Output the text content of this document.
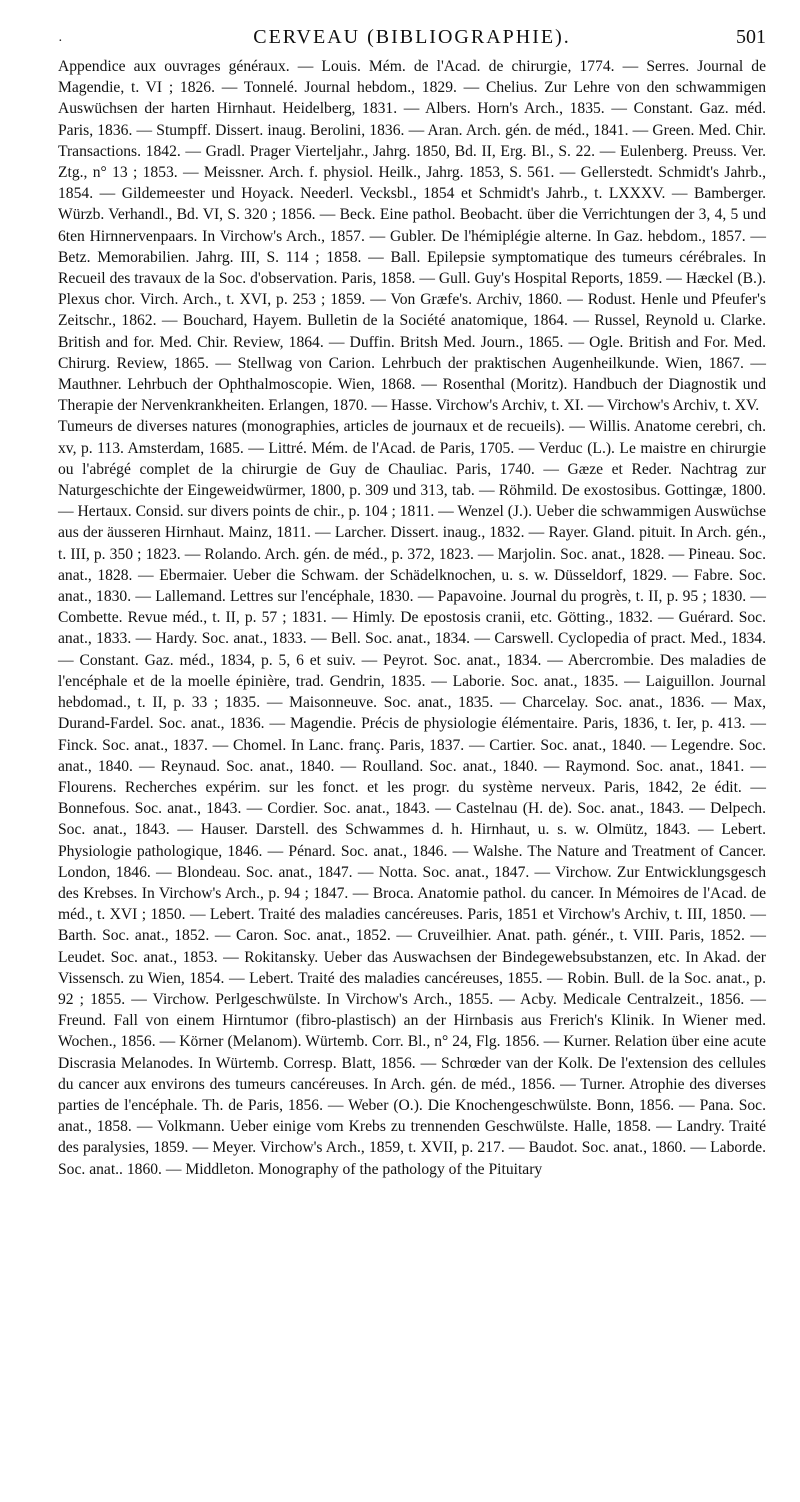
·	CERVEAU (BIBLIOGRAPHIE).	501

Appendice aux ouvrages généraux. — Louis. Mém. de l'Acad. de chirurgie, 1774. — Serres. Journal de Magendie, t. VI ; 1826. — Tonnelé. Journal hebdom., 1829. — Chelius. Zur Lehre von den schwammigen Auswüchsen der harten Hirnhaut. Heidelberg, 1831. — Albers. Horn's Arch., 1835. — Constant. Gaz. méd. Paris, 1836. — Stumpff. Dissert. inaug. Berolini, 1836. — Aran. Arch. gén. de méd., 1841. — Green. Med. Chir. Transactions. 1842. — Gradl. Prager Vierteljahr., Jahrg. 1850, Bd. II, Erg. Bl., S. 22. — Eulenberg. Preuss. Ver. Ztg., n° 13 ; 1853. — Meissner. Arch. f. physiol. Heilk., Jahrg. 1853, S. 561. — Gellerstedt. Schmidt's Jahrb., 1854. — Gildemeester und Hoyack. Neederl. Vecksbl., 1854 et Schmidt's Jahrb., t. LXXXV. — Bamberger. Würzb. Verhandl., Bd. VI, S. 320 ; 1856. — Beck. Eine pathol. Beobacht. über die Verrichtungen der 3, 4, 5 und 6ten Hirnnervenpaars. In Virchow's Arch., 1857. — Gubler. De l'hémiplégie alterne. In Gaz. hebdom., 1857. — Betz. Memorabilien. Jahrg. III, S. 114 ; 1858. — Ball. Epilepsie symptomatique des tumeurs cérébrales. In Recueil des travaux de la Soc. d'observation. Paris, 1858. — Gull. Guy's Hospital Reports, 1859. — Hæckel (B.). Plexus chor. Virch. Arch., t. XVI, p. 253 ; 1859. — Von Græfe's. Archiv, 1860. — Rodust. Henle und Pfeufer's Zeitschr., 1862. — Bouchard, Hayem. Bulletin de la Société anatomique, 1864. — Russel, Reynold u. Clarke. British and for. Med. Chir. Review, 1864. — Duffin. Britsh Med. Journ., 1865. — Ogle. British and For. Med. Chirurg. Review, 1865. — Stellwag von Carion. Lehrbuch der praktischen Augenheilkunde. Wien, 1867. — Mauthner. Lehrbuch der Ophthalmoscopie. Wien, 1868. — Rosenthal (Moritz). Handbuch der Diagnostik und Therapie der Nervenkrankheiten. Erlangen, 1870. — Hasse. Virchow's Archiv, t. XI. — Virchow's Archiv, t. XV.

Tumeurs de diverses natures (monographies, articles de journaux et de recueils). — Willis. Anatome cerebri, ch. xv, p. 113. Amsterdam, 1685. — Littré. Mém. de l'Acad. de Paris, 1705. — Verduc (L.). Le maistre en chirurgie ou l'abrégé complet de la chirurgie de Guy de Chauliac. Paris, 1740. — Gæze et Reder. Nachtrag zur Naturgeschichte der Eingeweidwürmer, 1800, p. 309 und 313, tab. — Röhmild. De exostosibus. Gottingæ, 1800. — Hertaux. Consid. sur divers points de chir., p. 104 ; 1811. — Wenzel (J.). Ueber die schwammigen Auswüchse aus der äusseren Hirnhaut. Mainz, 1811. — Larcher. Dissert. inaug., 1832. — Rayer. Gland. pituit. In Arch. gén., t. III, p. 350 ; 1823. — Rolando. Arch. gén. de méd., p. 372, 1823. — Marjolin. Soc. anat., 1828. — Pineau. Soc. anat., 1828. — Ebermaier. Ueber die Schwam. der Schädelknochen, u. s. w. Düsseldorf, 1829. — Fabre. Soc. anat., 1830. — Lallemand. Lettres sur l'encéphale, 1830. — Papavoine. Journal du progrès, t. II, p. 95 ; 1830. — Combette. Revue méd., t. II, p. 57 ; 1831. — Himly. De epostosis cranii, etc. Götting., 1832. — Guérard. Soc. anat., 1833. — Hardy. Soc. anat., 1833. — Bell. Soc. anat., 1834. — Carswell. Cyclopedia of pract. Med., 1834. — Constant. Gaz. méd., 1834, p. 5, 6 et suiv. — Peyrot. Soc. anat., 1834. — Abercrombie. Des maladies de l'encéphale et de la moelle épinière, trad. Gendrin, 1835. — Laborie. Soc. anat., 1835. — Laiguillon. Journal hebdomad., t. II, p. 33 ; 1835. — Maisonneuve. Soc. anat., 1835. — Charcelay. Soc. anat., 1836. — Max, Durand-Fardel. Soc. anat., 1836. — Magendie. Précis de physiologie élémentaire. Paris, 1836, t. Ier, p. 413. — Finck. Soc. anat., 1837. — Chomel. In Lanc. franç. Paris, 1837. — Cartier. Soc. anat., 1840. — Legendre. Soc. anat., 1840. — Reynaud. Soc. anat., 1840. — Roulland. Soc. anat., 1840. — Raymond. Soc. anat., 1841. — Flourens. Recherches expérim. sur les fonct. et les progr. du système nerveux. Paris, 1842, 2e édit. — Bonnefous. Soc. anat., 1843. — Cordier. Soc. anat., 1843. — Castelnau (H. de). Soc. anat., 1843. — Delpech. Soc. anat., 1843. — Hauser. Darstell. des Schwammes d. h. Hirnhaut, u. s. w. Olmütz, 1843. — Lebert. Physiologie pathologique, 1846. — Pénard. Soc. anat., 1846. — Walshe. The Nature and Treatment of Cancer. London, 1846. — Blondeau. Soc. anat., 1847. — Notta. Soc. anat., 1847. — Virchow. Zur Entwicklungsgesch des Krebses. In Virchow's Arch., p. 94 ; 1847. — Broca. Anatomie pathol. du cancer. In Mémoires de l'Acad. de méd., t. XVI ; 1850. — Lebert. Traité des maladies cancéreuses. Paris, 1851 et Virchow's Archiv, t. III, 1850. — Barth. Soc. anat., 1852. — Caron. Soc. anat., 1852. — Cruveilhier. Anat. path. génér., t. VIII. Paris, 1852. — Leudet. Soc. anat., 1853. — Rokitansky. Ueber das Auswachsen der Bindegewebsubstanzen, etc. In Akad. der Vissensch. zu Wien, 1854. — Lebert. Traité des maladies cancéreuses, 1855. — Robin. Bull. de la Soc. anat., p. 92 ; 1855. — Virchow. Perlgeschwülste. In Virchow's Arch., 1855. — Acby. Medicale Centralzeit., 1856. — Freund. Fall von einem Hirntumor (fibro-plastisch) an der Hirnbasis aus Frerich's Klinik. In Wiener med. Wochen., 1856. — Körner (Melanom). Würtemb. Corr. Bl., n° 24, Flg. 1856. — Kurner. Relation über eine acute Discrasia Melanodes. In Würtemb. Corresp. Blatt, 1856. — Schrœder van der Kolk. De l'extension des cellules du cancer aux environs des tumeurs cancéreuses. In Arch. gén. de méd., 1856. — Turner. Atrophie des diverses parties de l'encéphale. Th. de Paris, 1856. — Weber (O.). Die Knochengeschwülste. Bonn, 1856. — Pana. Soc. anat., 1858. — Volkmann. Ueber einige vom Krebs zu trennenden Geschwülste. Halle, 1858. — Landry. Traité des paralysies, 1859. — Meyer. Virchow's Arch., 1859, t. XVII, p. 217. — Baudot. Soc. anat., 1860. — Laborde. Soc. anat.. 1860. — Middleton. Monography of the pathology of the Pituitary
